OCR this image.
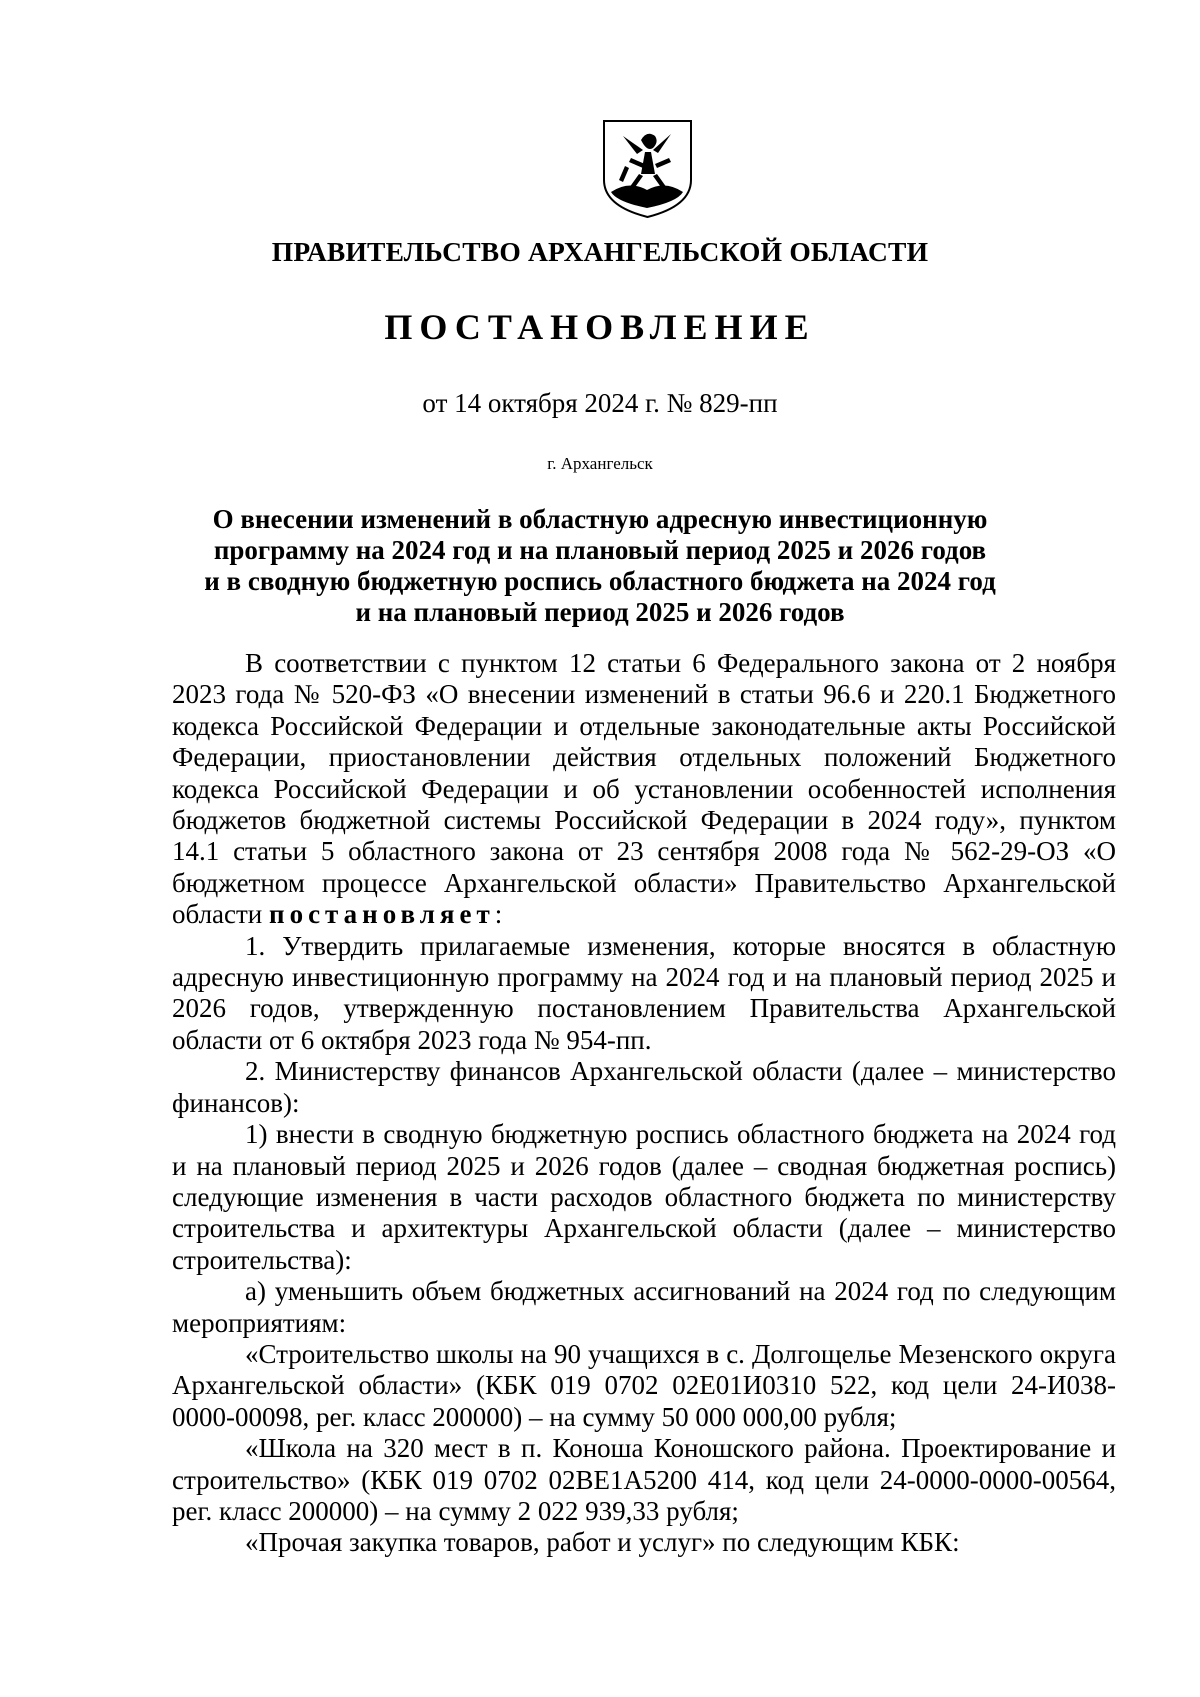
ПРАВИТЕЛЬСТВО АРХАНГЕЛЬСКОЙ ОБЛАСТИ
ПОСТАНОВЛЕНИЕ
от 14 октября 2024 г. № 829-пп
г. Архангельск
О внесении изменений в областную адресную инвестиционную
программу на 2024 год и на плановый период 2025 и 2026 годов
и в сводную бюджетную роспись областного бюджета на 2024 год
и на плановый период 2025 и 2026 годов

В соответствии с пунктом 12 статьи 6 Федерального закона от 2 ноября 2023 года № 520-ФЗ «О внесении изменений в статьи 96.6 и 220.1 Бюджетного кодекса Российской Федерации и отдельные законодательные акты Российской Федерации, приостановлении действия отдельных положений Бюджетного кодекса Российской Федерации и об установлении особенностей исполнения бюджетов бюджетной системы Российской Федерации в 2024 году», пунктом 14.1 статьи 5 областного закона от 23 сентября 2008 года № 562-29-ОЗ «О бюджетном процессе Архангельской области» Правительство Архангельской области постановляет:

1. Утвердить прилагаемые изменения, которые вносятся в областную адресную инвестиционную программу на 2024 год и на плановый период 2025 и 2026 годов, утвержденную постановлением Правительства Архангельской области от 6 октября 2023 года № 954-пп.

2. Министерству финансов Архангельской области (далее – министерство финансов):

1) внести в сводную бюджетную роспись областного бюджета на 2024 год и на плановый период 2025 и 2026 годов (далее – сводная бюджетная роспись) следующие изменения в части расходов областного бюджета по министерству строительства и архитектуры Архангельской области (далее – министерство строительства):

а) уменьшить объем бюджетных ассигнований на 2024 год по следующим мероприятиям:

«Строительство школы на 90 учащихся в с. Долгощелье Мезенского округа Архангельской области» (КБК 019 0702 02Е01И0310 522, код цели 24-И038-0000-00098, рег. класс 200000) – на сумму 50 000 000,00 рубля;

«Школа на 320 мест в п. Коноша Коношского района. Проектирование и строительство» (КБК 019 0702 02ВЕ1А5200 414, код цели 24-0000-0000-00564, рег. класс 200000) – на сумму 2 022 939,33 рубля;

«Прочая закупка товаров, работ и услуг» по следующим КБК:
